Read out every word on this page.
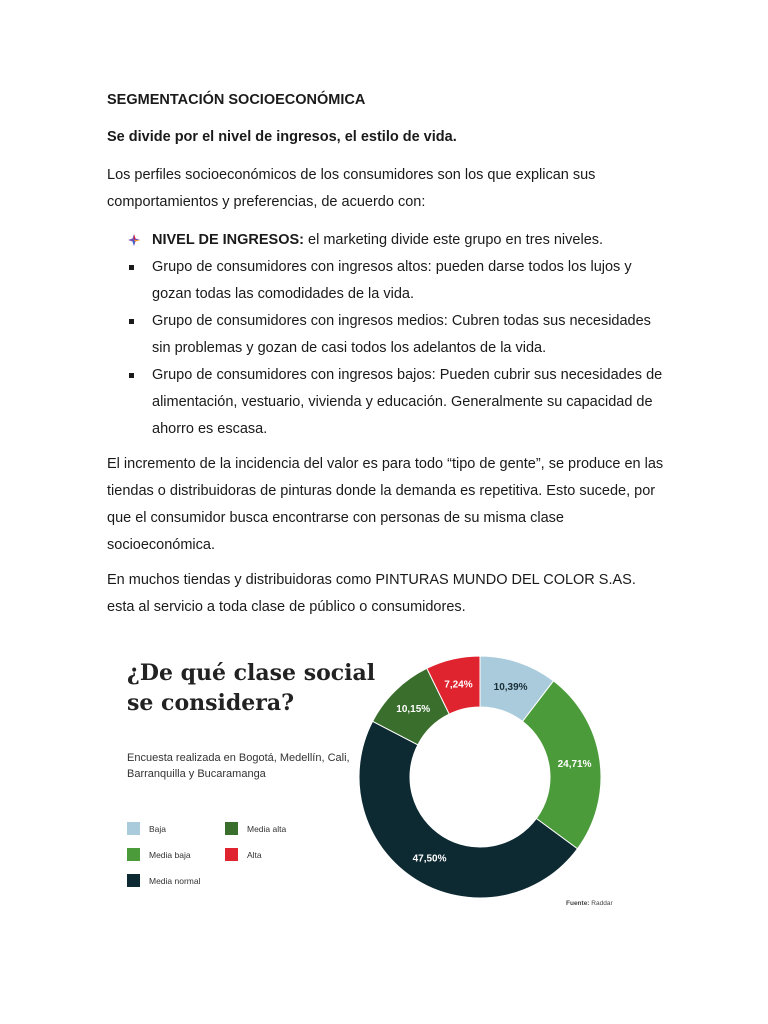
SEGMENTACIÓN SOCIOECONÓMICA
Se divide por el nivel de ingresos, el estilo de vida.
Los perfiles socioeconómicos de los consumidores son los que explican sus comportamientos y preferencias, de acuerdo con:
NIVEL DE INGRESOS: el marketing divide este grupo en tres niveles.
Grupo de consumidores con ingresos altos: pueden darse todos los lujos y gozan todas las comodidades de la vida.
Grupo de consumidores con ingresos medios: Cubren todas sus necesidades sin problemas y gozan de casi todos los adelantos de la vida.
Grupo de consumidores con ingresos bajos: Pueden cubrir sus necesidades de alimentación, vestuario, vivienda y educación. Generalmente su capacidad de ahorro es escasa.
El incremento de la incidencia del valor es para todo “tipo de gente”, se produce en las tiendas o distribuidoras de pinturas donde la demanda es repetitiva. Esto sucede, por que el consumidor busca encontrarse con personas de su misma clase socioeconómica.
En muchos tiendas y distribuidoras como PINTURAS MUNDO DEL COLOR S.AS. esta al servicio a toda clase de público o consumidores.
¿De qué clase social se considera?
Encuesta realizada en Bogotá, Medellín, Cali, Barranquilla y Bucaramanga
Baja	Media alta
Media baja	Alta
Media normal
10,39%
24,71%
47,50%
10,15%
7,24%
Fuente: Raddar
